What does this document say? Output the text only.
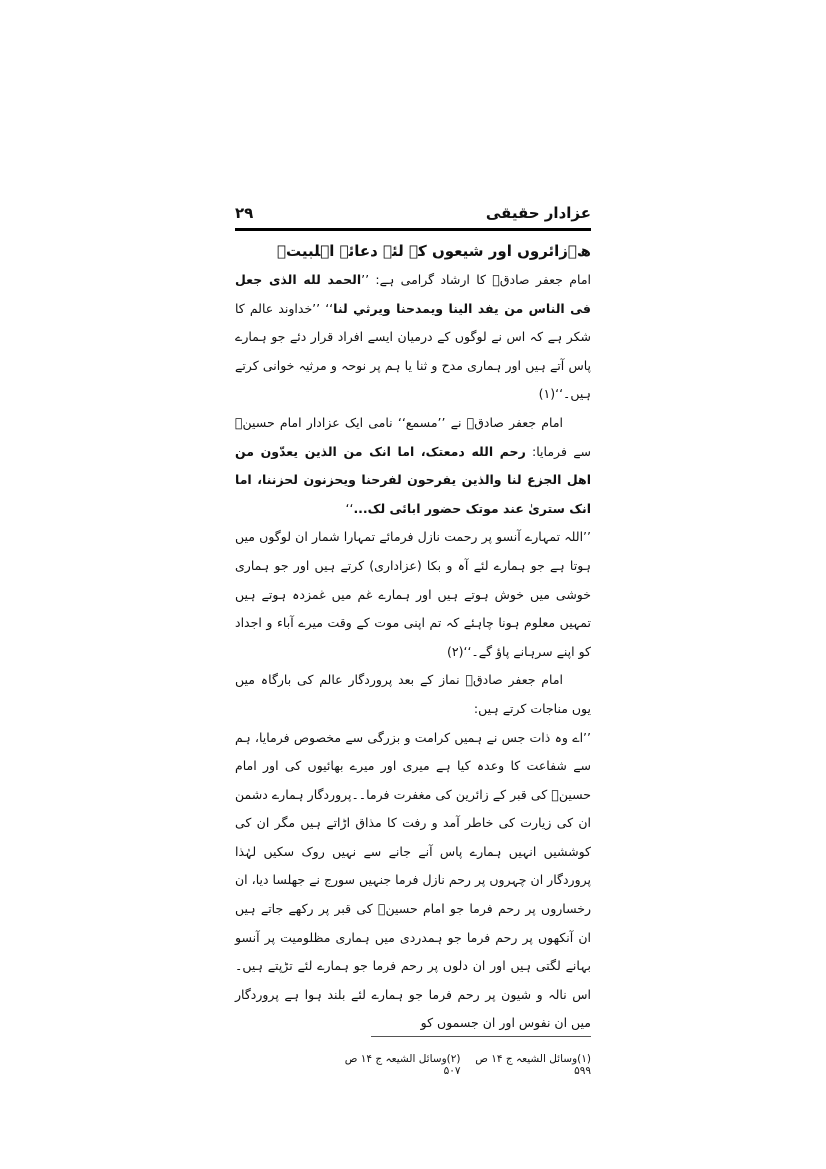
عزادار حقیقی
۲۹

ھ۔زائروں اور شیعوں کے لئے دعائے اہلبیتؑ

امام جعفر صادقؑ کا ارشاد گرامی ہے: ’’الحمد لله الذى جعل فى الناس من يفد الينا ويمدحنا ويرثي لنا‘‘ ’’خداوند عالم کا شکر ہے کہ اس نے لوگوں کے درمیان ایسے افراد قرار دئے جو ہمارے پاس آتے ہیں اور ہماری مدح و ثنا یا ہم پر نوحہ و مرثیہ خوانی کرتے ہیں۔‘‘(۱)

امام جعفر صادقؑ نے ’’مسمع‘‘ نامی ایک عزادار امام حسینؑ سے فرمایا: رحم الله دمعتک، اما انک من الذين يعدّون من اهل الجزع لنا والذين يفرحون لفرحنا ويحزنون لحزننا، اما انک سترىٰ عند موتک حضور ابائى لک...‘‘

’’اللہ تمہارے آنسو پر رحمت نازل فرمائے تمہارا شمار ان لوگوں میں ہوتا ہے جو ہمارے لئے آہ و بکا (عزاداری) کرتے ہیں اور جو ہماری خوشی میں خوش ہوتے ہیں اور ہمارے غم میں غمزدہ ہوتے ہیں تمہیں معلوم ہونا چاہئے کہ تم اپنی موت کے وقت میرے آباء و اجداد کو اپنے سرہانے پاؤ گے۔‘‘(۲)

امام جعفر صادقؑ نماز کے بعد پروردگار عالم کی بارگاہ میں یوں مناجات کرتے ہیں:

’’اے وہ ذات جس نے ہمیں کرامت و بزرگی سے مخصوص فرمایا، ہم سے شفاعت کا وعدہ کیا ہے میری اور میرے بھائیوں کی اور امام حسینؑ کی قبر کے زائرین کی مغفرت فرما۔۔پروردگار ہمارے دشمن ان کی زیارت کی خاطر آمد و رفت کا مذاق اڑاتے ہیں مگر ان کی کوششیں انہیں ہمارے پاس آنے جانے سے نہیں روک سکیں لہٰذا پروردگار ان چہروں پر رحم نازل فرما جنہیں سورج نے جھلسا دیا، ان رخساروں پر رحم فرما جو امام حسینؑ کی قبر پر رکھے جاتے ہیں ان آنکھوں پر رحم فرما جو ہمدردی میں ہماری مظلومیت پر آنسو بہانے لگتی ہیں اور ان دلوں پر رحم فرما جو ہمارے لئے تڑپتے ہیں۔ اس نالہ و شیون پر رحم فرما جو ہمارے لئے بلند ہوا ہے پروردگار میں ان نفوس اور ان جسموں کو

(۱)وسائل الشیعہ ج ۱۴ ص ۵۹۹
(۲)وسائل الشیعہ ج ۱۴ ص ۵۰۷
